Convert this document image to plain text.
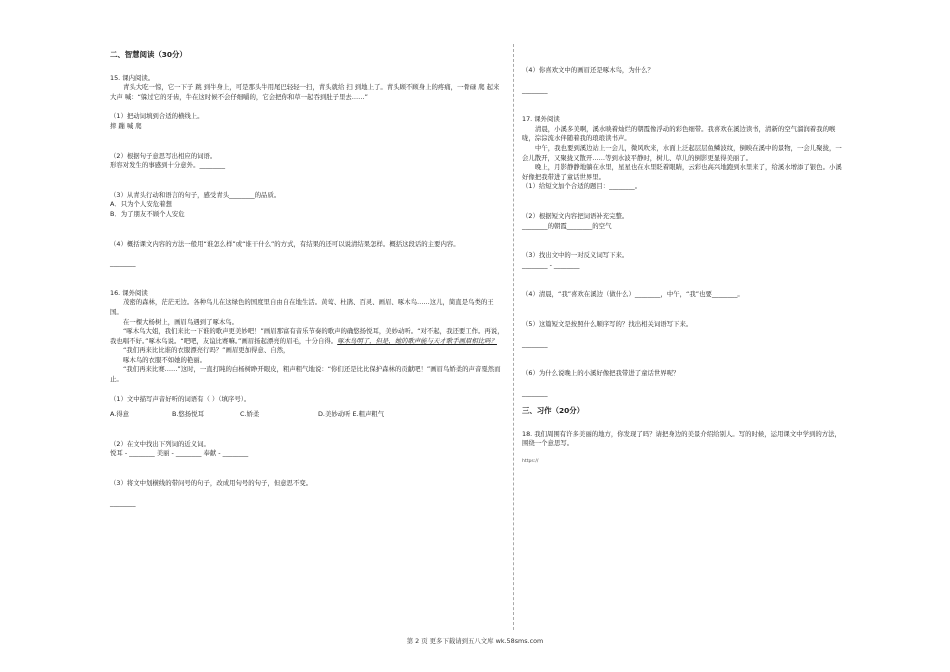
二、智慧阅读（30分）

15. 课内阅读。

青头大吃一惊，它一下子 跳 到牛身上，可是那头牛用尾巴轻轻一扫，青头就给 扫 到地上了。青头顾不顾身上的疼痛，一骨碌 爬 起来大声 喊：“躲过它的牙齿，牛在这时候不会仔细嚼的，它会把你和草一起吞到肚子里去……”

（1）把动词填到合适的横线上。

摔 蹦 喊 爬

（2）根据句子意思写出相应的词语。

形容对发生的事感到十分意外。________

（3）从青头行动和语言的句子，感受青头________的品质。

A．只为个人安危着想

B．为了朋友不顾个人安危

（4）概括课文内容的方法一般用“谁怎么样”或“谁干什么”的方式，有结果的还可以说清结果怎样。概括这段话的主要内容。

________

16. 课外阅读

茂密的森林，茫茫无边。各种鸟儿在这绿色的国度里自由自在地生活。黄莺、杜鹃、百灵、画眉、啄木鸟……这儿，简直是鸟类的王国。

在一棵大杨树上，画眉鸟遇到了啄木鸟。

“啄木鸟大姐，我们来比一下谁的歌声更美妙吧！”画眉那富有音乐节奏的歌声的确悠扬悦耳，美妙动听。“对不起，我还要工作。再说，我也唱不好。”啄木鸟说。“吧吧，友谊比赛嘛。”画眉扬起漂亮的眉毛，十分自得。啄木鸟明了，但是，她的歌声能与天才歌手画眉相比吗？

“我们再来比比谁的衣服漂亮行吗？”画眉更加得意、自然，

啄木鸟的衣服不如她的艳丽。

“我们再来比赛……”这时，一直打盹的白杨树睁开眼皮，粗声粗气地说：“你们还是比比保护森林的贡献吧！”画眉鸟娇柔的声音戛然而止。

（1）文中描写声音好听的词语有（ ）（填序号）。

A.得意	B.悠扬悦耳	C.娇柔	D.美妙动听 E.粗声粗气

（2）在文中找出下列词的近义词。

悦耳 - ________ 美丽 - ________ 奉献 - ________

（3）将文中划横线的带问号的句子，改成用句号的句子，但意思不变。

________

（4）你喜欢文中的画眉还是啄木鸟，为什么？

________

17. 课外阅读

清晨，小溪多美啊，溪水映着灿烂的朝霞像浮动的彩色细带。我喜欢在溪边读书，清新的空气溜润着我的喉咙，淙淙流水伴随着我的琅琅读书声。

中午，我也要到溪边站上一会儿，微风吹来，水面上泛起层层鱼鳞波纹，倒映在溪中的景物，一会儿聚拢，一会儿散开，又聚拢又散开……等到水波平静时，树儿、草儿的倒影更显得美丽了。

晚上，月影静静地躺在水里，星星也在水里眨着眼睛，云彩也高兴地跑到水里来了，给溪水增添了银色。小溪好像把我带进了童话世界里。

（1）给短文加个合适的题目：________。

（2）根据短文内容把词语补充完整。

________的朝霞________的空气

（3）找出文中的一对反义词写下来。

________ - ________

（4）清晨，“我”喜欢在溪边（做什么）________，中午，“我”也要________。

（5）这篇短文是按照什么顺序写的？找出相关词语写下来。

________

（6）为什么说晚上的小溪好像把我带进了童话世界呢？

________

三、习作（20分）

18. 我们周围有许多美丽的地方，你发现了吗？请把身边的美景介绍给别人。写的时候，运用课文中学到的方法，围绕一个意思写。

https://

第 2 页 更多下载请到五八文库 wk.58sms.com
